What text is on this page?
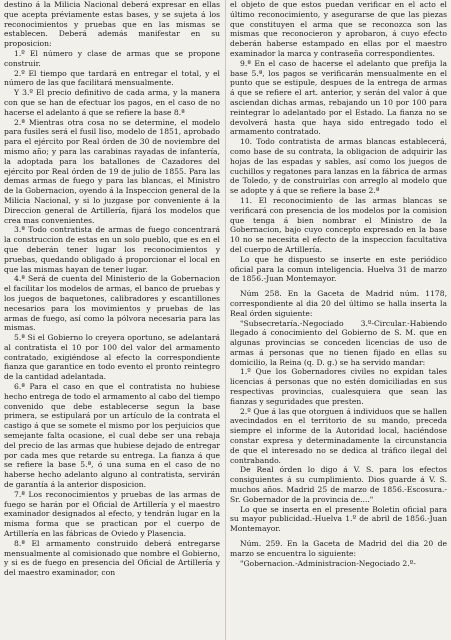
destino á la Milicia Nacional deberá expresar en ellas que acepta préviamente estas bases, y se sujeta á los reconocimientos y pruebas que en las mismas se establecen. Deberá además manifestar en su proposicion:

1.º El número y clase de armas que se propone construir.

2.º El tiempo que tardará en entregar el total, y el número de las que facilitará mensualmente.

Y 3.º El precio definitivo de cada arma, y la manera con que se han de efectuar los pagos, en el caso de no hacerse el adelanto á que se refiere la base 8.ª

2.ª Mientras otra cosa no se determine, el modelo para fusiles será el fusil liso, modelo de 1851, aprobado para el ejército por Real órden de 30 de noviembre del mismo año; y para las carabinas rayadas de infantería, la adoptada para los batallones de Cazadores del ejército por Real órden de 19 de julio de 1855. Para las demas armas de fuego y para las blancas, el Ministro de la Gobernacion, oyendo á la Inspeccion general de la Milicia Nacional, y si lo juzgase por conveniente á la Direccion general de Artillería, fijará los modelos que crea mas convenientes.

3.ª Todo contratista de armas de fuego concentrará la construccion de estas en un solo pueblo, que es en el que deberán tener lugar los reconocimientos y pruebas, quedando obligado á proporcionar el local en que las mismas hayan de tener lugar.

4.ª Será de cuenta del Ministerio de la Gobernacion el facilitar los modelos de armas, el banco de pruebas y los juegos de baquetones, calibradores y escantillones necesarios para los movimientos y pruebas de las armas de fuego, así como la pólvora necesaria para las mismas.

5.ª Si el Gobierno lo creyera oportuno, se adelantará al contratista el 10 por 100 del valor del armamento contratado, exigiéndose al efecto la correspondiente fianza que garantice en todo evento el pronto reintegro de la cantidad adelantada.

6.ª Para el caso en que el contratista no hubiese hecho entrega de todo el armamento al cabo del tiempo convenido que debe establecerse segun la base primera, se estipulará por un artículo de la contrata el castigo á que se somete el mismo por los perjuicios que semejante falta ocasione, el cual debe ser una rebaja del precio de las armas que hubiese dejado de entregar por cada mes que retarde su entrega. La fianza á que se refiere la base 5.ª, ó una suma en el caso de no haberse hecho adelanto alguno al contratista, servirán de garantía á la anterior disposicion.

7.ª Los reconocimientos y pruebas de las armas de fuego se harán por el Oficial de Artillería y el maestro examinador designados al efecto, y tendrán lugar en la misma forma que se practican por el cuerpo de Artillería en las fábricas de Oviedo y Plasencia.

8.ª El armamento construido deberá entregarse mensualmente al comisionado que nombre el Gobierno, y si es de fuego en presencia del Oficial de Artillería y del maestro examinador, con

el objeto de que estos puedan verificar en el acto el último reconocimiento, y asegurarse de que las piezas que constituyen el arma que se reconozca son las mismas que reconocieron y aprobaron, á cuyo efecto deberán haberse estampado en ellas por el maestro examinador la marca y contraseña correspondientes.

9.ª En el caso de hacerse el adelanto que prefija la base 5.ª, los pagos se verificarán mensualmente en el punto que se estipule, despues de la entrega de armas á que se refiere el art. anterior, y serán del valor á que asciendan dichas armas, rebajando un 10 por 100 para reintegrar lo adelantado por el Estado. La fianza no se devolverá hasta que haya sido entregado todo el armamento contratado.

10. Todo contratista de armas blancas establecerá, como base de su contrata, la obligacion de adquirir las hojas de las espadas y sables, así como los juegos de cuchillos y regatones para lanzas en la fábrica de armas de Toledo, y de construirlas con arreglo al modelo que se adopte y á que se refiere la base 2.ª

11. El reconocimiento de las armas blancas se verificará con presencia de los modelos por la comision que tenga á bien nombrar el Ministro de la Gobernacion, bajo cuyo concepto expresado en la base 10 no se necesita el efecto de la inspeccion facultativa del cuerpo de Artillería.

Lo que he dispuesto se inserte en este periódico oficial para la comun inteligencia. Huelva 31 de marzo de 1856.-Juan Montemayor.

Núm 258. En la Gaceta de Madrid núm. 1178, correspondiente al dia 20 del último se halla inserta la Real órden siguiente:

"Subsecretaría.-Negociado 3.º-Circular.-Habiendo llegado á conocimiento del Gobierno de S. M. que en algunas provincias se conceden licencias de uso de armas á personas que no tienen fijado en ellas su domicilio, la Reina (q. D. g.) se ha servido mandar:

1.º Que los Gobernadores civiles no expidan tales licencias á personas que no estén domiciliadas en sus respectivas provincias, cualesquiera que sean las fianzas y seguridades que presten.

2.º Que á las que otorguen á individuos que se hallen avecindados en el territorio de su mando, preceda siempre el informe de la Autoridad local, haciéndose constar expresa y determinadamente la circunstancia de que el interesado no se dedica al tráfico ilegal del contrabando.

De Real órden lo digo á V. S. para los efectos consiguientes á su cumplimiento. Dios guarde á V. S. muchos años. Madrid 25 de marzo de 1856.-Escosura.-Sr. Gobernador de la provincia de...."

Lo que se inserta en el presente Boletin oficial para su mayor publicidad.-Huelva 1.º de abril de 1856.-Juan Montemayor.

Núm. 259. En la Gaceta de Madrid del dia 20 de marzo se encuentra lo siguiente:

"Gobernacion.-Administracion-Negociado 2.º-
